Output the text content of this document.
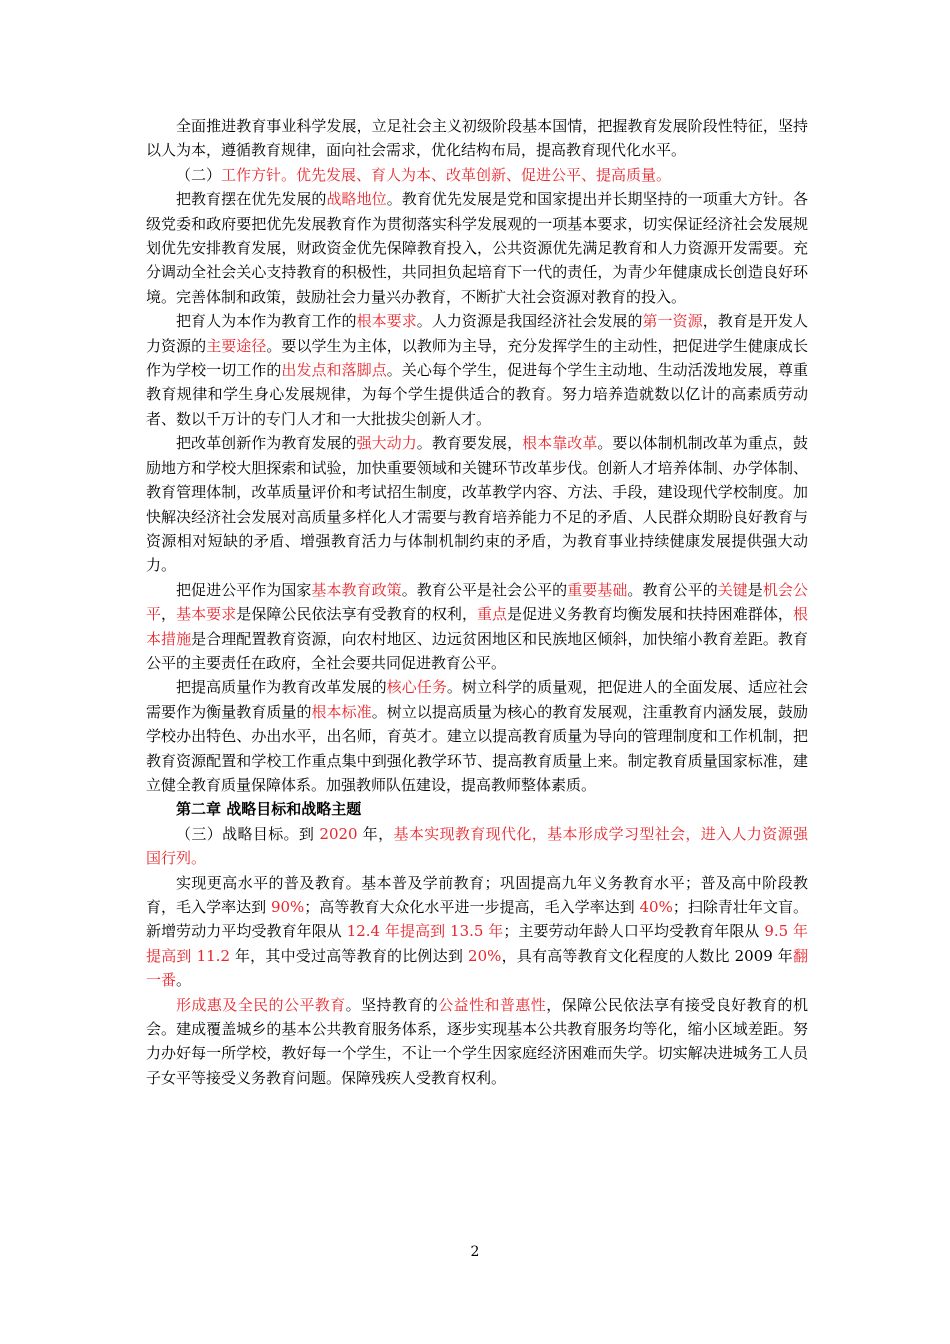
全面推进教育事业科学发展，立足社会主义初级阶段基本国情，把握教育发展阶段性特征，坚持以人为本，遵循教育规律，面向社会需求，优化结构布局，提高教育现代化水平。

（二）工作方针。优先发展、育人为本、改革创新、促进公平、提高质量。

把教育摆在优先发展的战略地位。教育优先发展是党和国家提出并长期坚持的一项重大方针。各级党委和政府要把优先发展教育作为贯彻落实科学发展观的一项基本要求，切实保证经济社会发展规划优先安排教育发展，财政资金优先保障教育投入，公共资源优先满足教育和人力资源开发需要。充分调动全社会关心支持教育的积极性，共同担负起培育下一代的责任，为青少年健康成长创造良好环境。完善体制和政策，鼓励社会力量兴办教育，不断扩大社会资源对教育的投入。

把育人为本作为教育工作的根本要求。人力资源是我国经济社会发展的第一资源，教育是开发人力资源的主要途径。要以学生为主体，以教师为主导，充分发挥学生的主动性，把促进学生健康成长作为学校一切工作的出发点和落脚点。关心每个学生，促进每个学生主动地、生动活泼地发展，尊重教育规律和学生身心发展规律，为每个学生提供适合的教育。努力培养造就数以亿计的高素质劳动者、数以千万计的专门人才和一大批拔尖创新人才。

把改革创新作为教育发展的强大动力。教育要发展，根本靠改革。要以体制机制改革为重点，鼓励地方和学校大胆探索和试验，加快重要领域和关键环节改革步伐。创新人才培养体制、办学体制、教育管理体制，改革质量评价和考试招生制度，改革教学内容、方法、手段，建设现代学校制度。加快解决经济社会发展对高质量多样化人才需要与教育培养能力不足的矛盾、人民群众期盼良好教育与资源相对短缺的矛盾、增强教育活力与体制机制约束的矛盾，为教育事业持续健康发展提供强大动力。

把促进公平作为国家基本教育政策。教育公平是社会公平的重要基础。教育公平的关键是机会公平，基本要求是保障公民依法享有受教育的权利，重点是促进义务教育均衡发展和扶持困难群体，根本措施是合理配置教育资源，向农村地区、边远贫困地区和民族地区倾斜，加快缩小教育差距。教育公平的主要责任在政府，全社会要共同促进教育公平。

把提高质量作为教育改革发展的核心任务。树立科学的质量观，把促进人的全面发展、适应社会需要作为衡量教育质量的根本标准。树立以提高质量为核心的教育发展观，注重教育内涵发展，鼓励学校办出特色、办出水平，出名师，育英才。建立以提高教育质量为导向的管理制度和工作机制，把教育资源配置和学校工作重点集中到强化教学环节、提高教育质量上来。制定教育质量国家标准，建立健全教育质量保障体系。加强教师队伍建设，提高教师整体素质。

第二章 战略目标和战略主题

（三）战略目标。到 2020 年，基本实现教育现代化，基本形成学习型社会，进入人力资源强国行列。

实现更高水平的普及教育。基本普及学前教育；巩固提高九年义务教育水平；普及高中阶段教育，毛入学率达到 90%；高等教育大众化水平进一步提高，毛入学率达到 40%；扫除青壮年文盲。新增劳动力平均受教育年限从 12.4 年提高到 13.5 年；主要劳动年龄人口平均受教育年限从 9.5 年提高到 11.2 年，其中受过高等教育的比例达到 20%，具有高等教育文化程度的人数比 2009 年翻一番。

形成惠及全民的公平教育。坚持教育的公益性和普惠性，保障公民依法享有接受良好教育的机会。建成覆盖城乡的基本公共教育服务体系，逐步实现基本公共教育服务均等化，缩小区域差距。努力办好每一所学校，教好每一个学生，不让一个学生因家庭经济困难而失学。切实解决进城务工人员子女平等接受义务教育问题。保障残疾人受教育权利。

2
